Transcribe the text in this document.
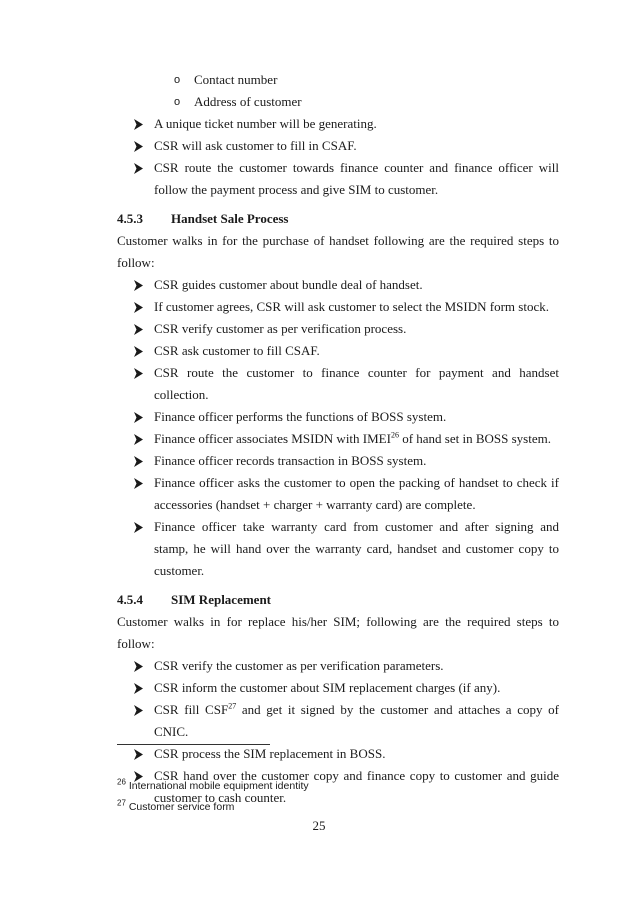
o	Contact number

o	Address of customer

A unique ticket number will be generating.

CSR will ask customer to fill in CSAF.

CSR route the customer towards finance counter and finance officer will follow the payment process and give SIM to customer.

4.5.3 Handset Sale Process

Customer walks in for the purchase of handset following are the required steps to follow:

CSR guides customer about bundle deal of handset.

If customer agrees, CSR will ask customer to select the MSIDN form stock.

CSR verify customer as per verification process.

CSR ask customer to fill CSAF.

CSR route the customer to finance counter for payment and handset collection.

Finance officer performs the functions of BOSS system.

Finance officer associates MSIDN with IMEI$^{26}$ of hand set in BOSS system.

Finance officer records transaction in BOSS system.

Finance officer asks the customer to open the packing of handset to check if accessories (handset + charger + warranty card) are complete.

Finance officer take warranty card from customer and after signing and stamp, he will hand over the warranty card, handset and customer copy to customer.

4.5.4 SIM Replacement

Customer walks in for replace his/her SIM; following are the required steps to follow:

CSR verify the customer as per verification parameters.

CSR inform the customer about SIM replacement charges (if any).

CSR fill CSF$^{27}$ and get it signed by the customer and attaches a copy of CNIC.

CSR process the SIM replacement in BOSS.

CSR hand over the customer copy and finance copy to customer and guide customer to cash counter.

$^{26}$ International mobile equipment identity
$^{27}$ Customer service form
25
